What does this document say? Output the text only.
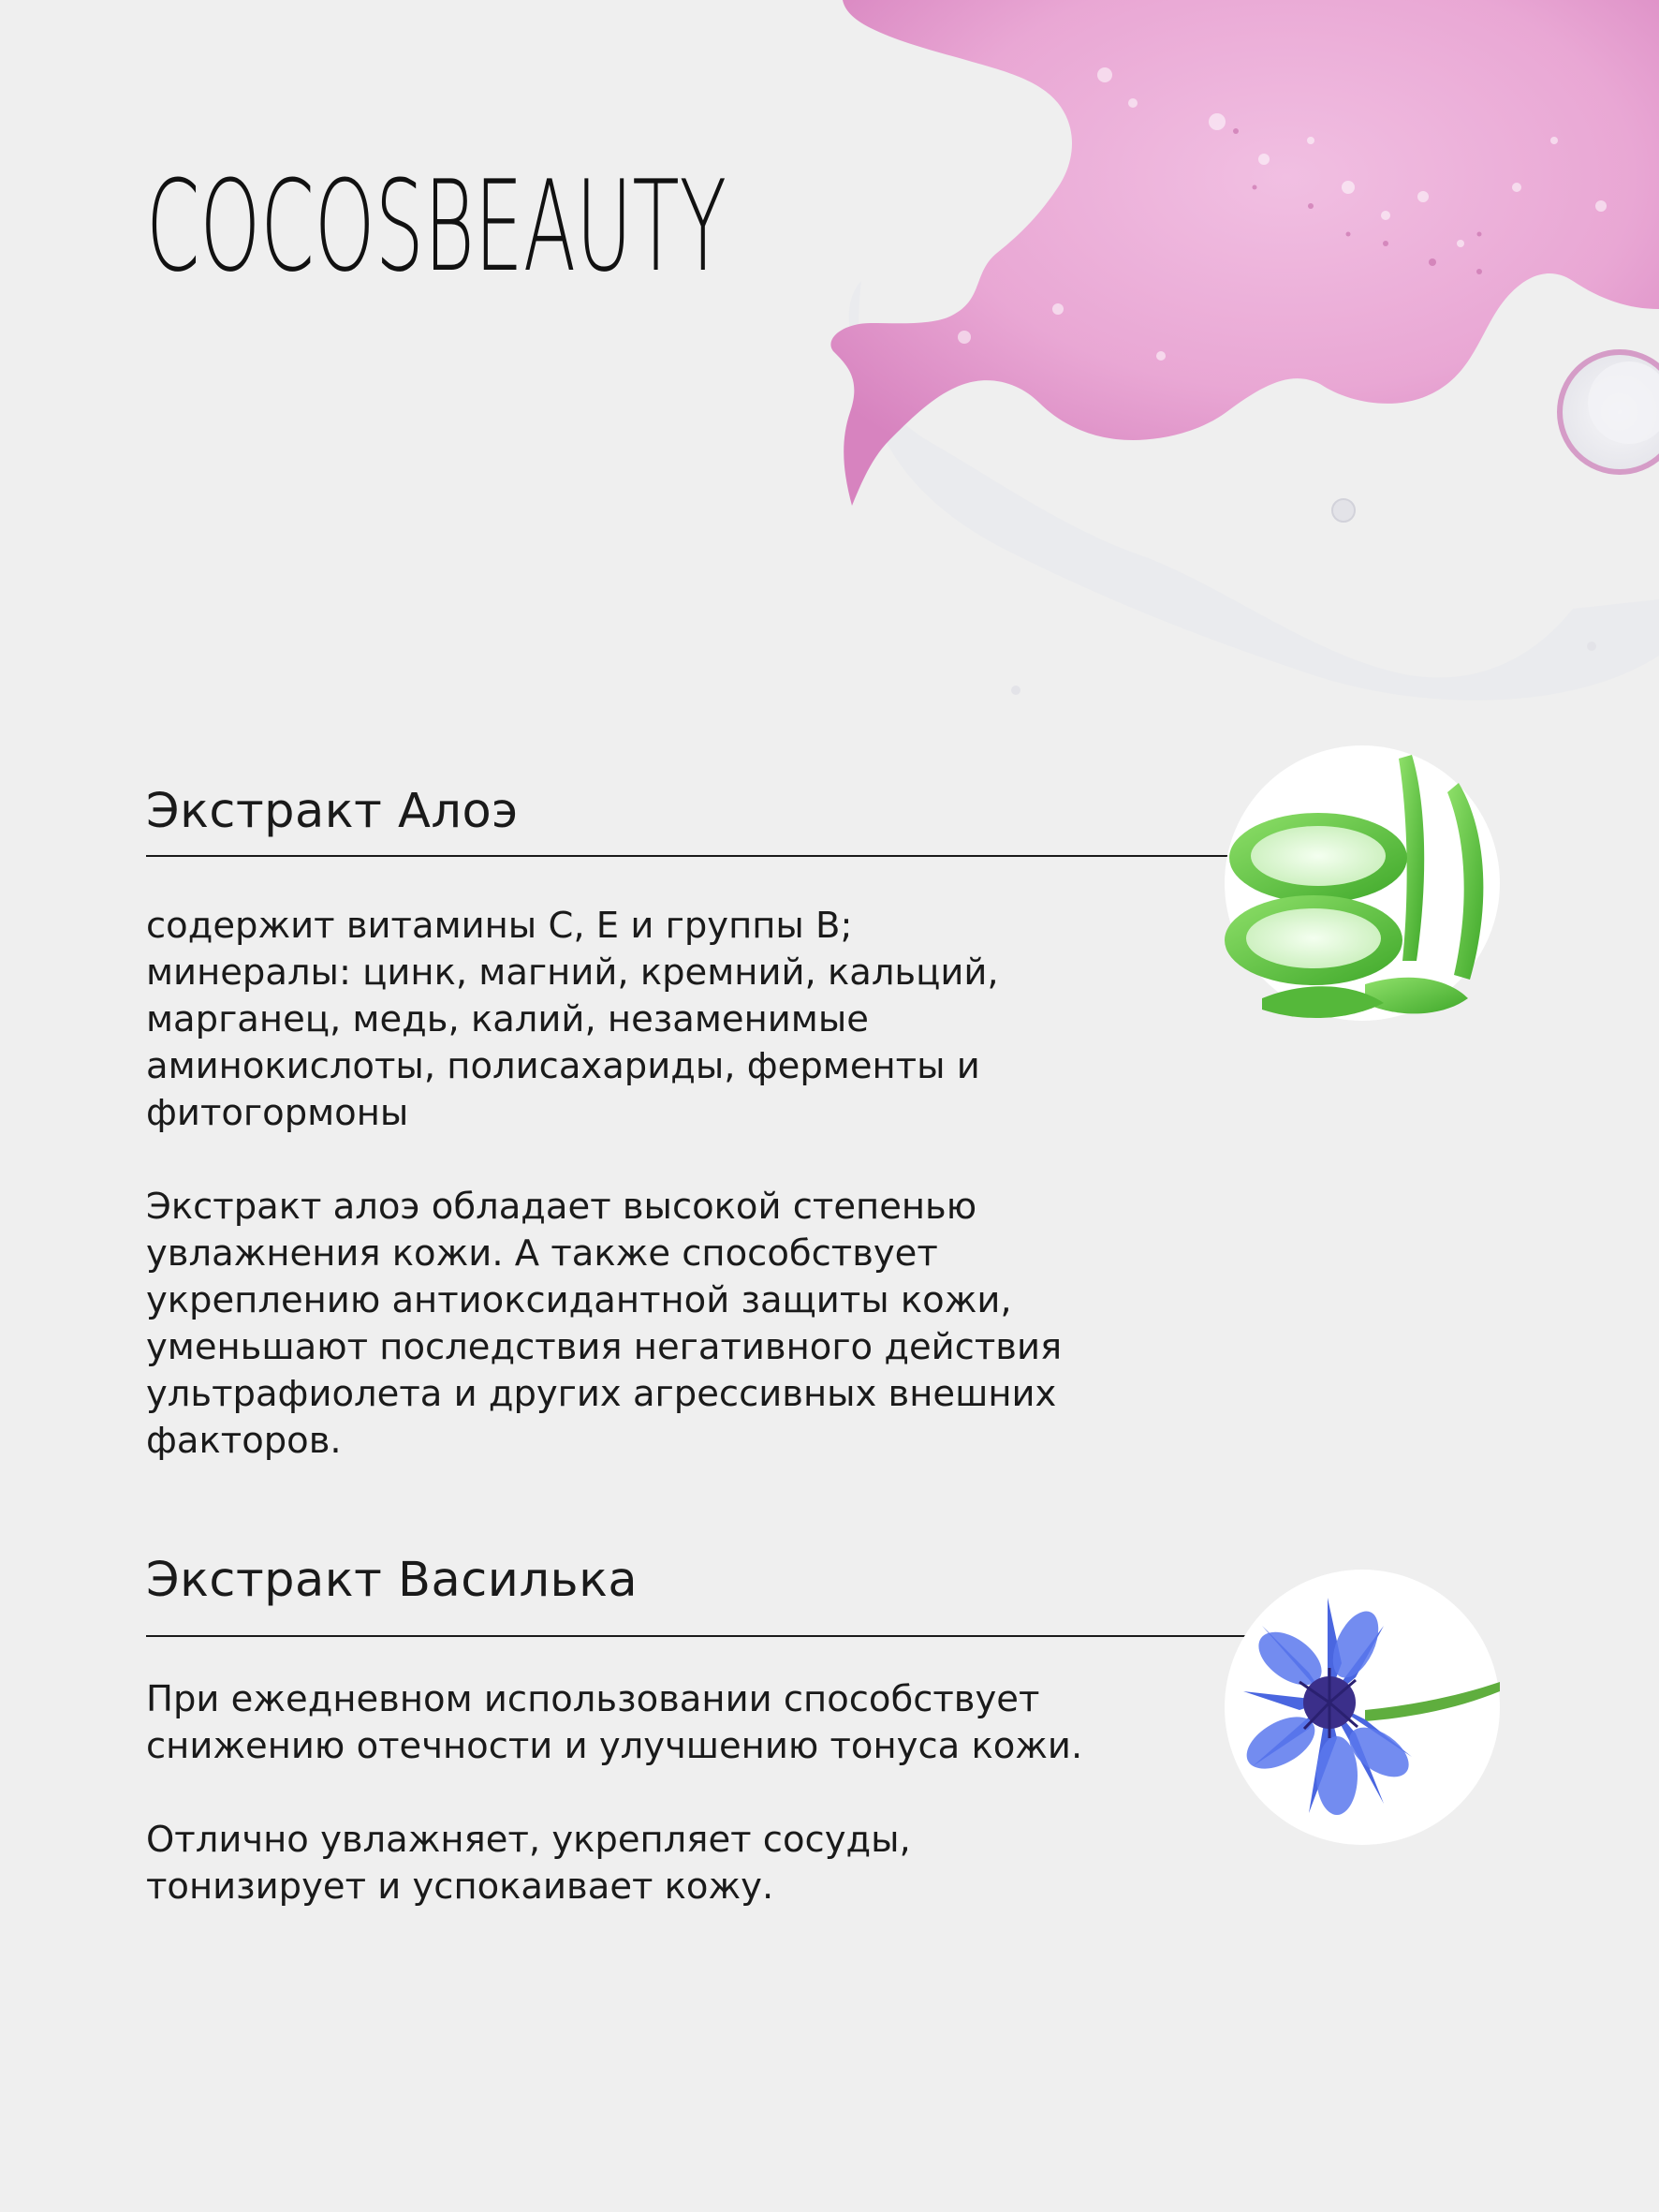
COCOSBEAUTY
Экстракт Алоэ

содержит витамины С, Е и группы В;
минералы: цинк, магний, кремний, кальций,
марганец, медь, калий, незаменимые
аминокислоты, полисахариды, ферменты и
фитогормоны

Экстракт алоэ обладает высокой степенью
увлажнения кожи. А также способствует
укреплению антиоксидантной защиты кожи,
уменьшают последствия негативного действия
ультрафиолета и других агрессивных внешних
факторов.

Экстракт Василька

При ежедневном использовании способствует
снижению отечности и улучшению тонуса кожи.

Отлично увлажняет, укрепляет сосуды,
тонизирует и успокаивает кожу.
